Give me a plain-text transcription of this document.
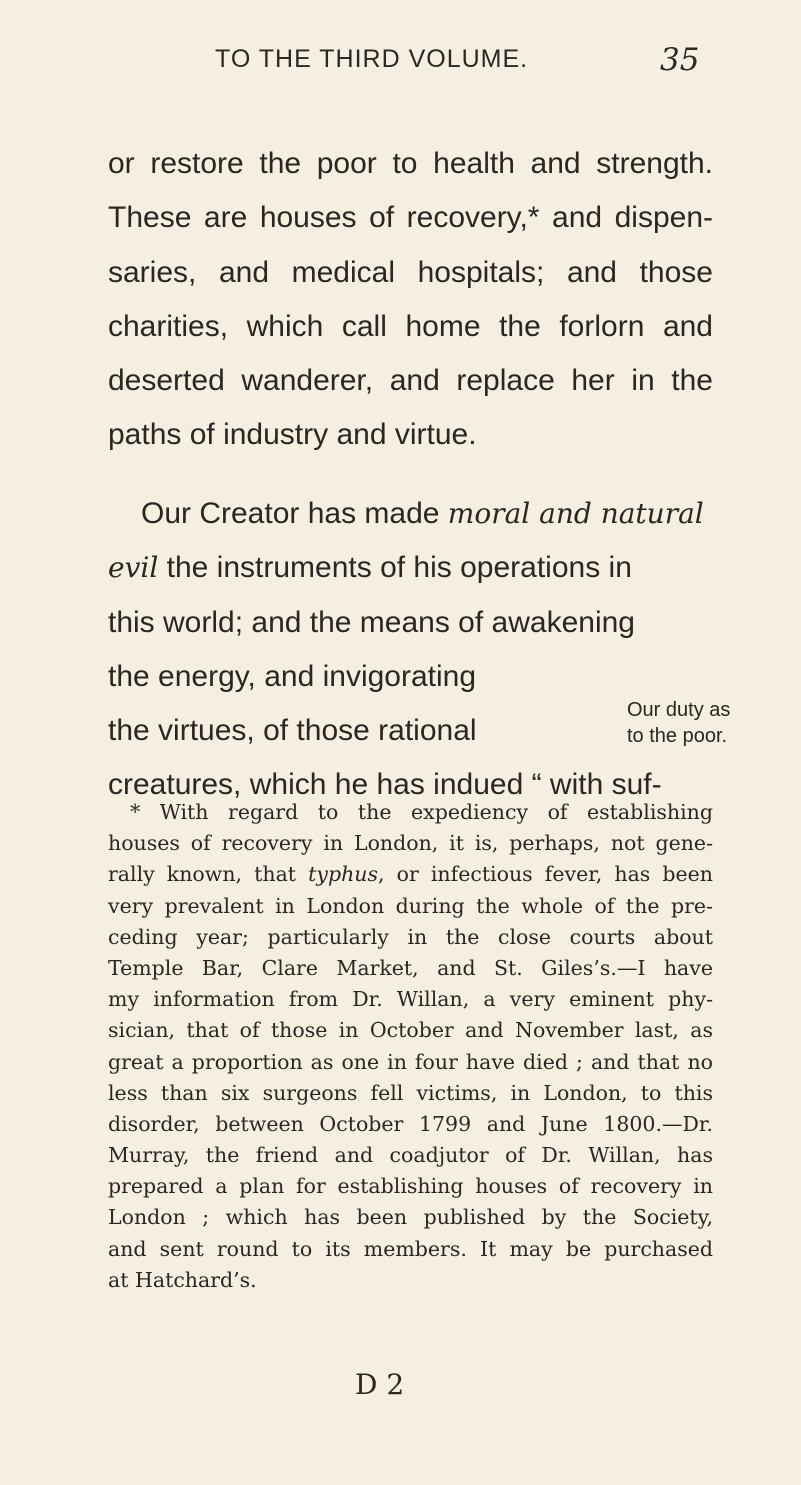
TO THE THIRD VOLUME.	35
or restore the poor to health and strength.
These are houses of recovery,* and dispen-
saries, and medical hospitals; and those
charities, which call home the forlorn and
deserted wanderer, and replace her in the
paths of industry and virtue.
Our Creator has made moral and natural
evil the instruments of his operations in
this world; and the means of awakening
the energy, and invigorating
the virtues, of those rational
creatures, which he has indued “ with suf-
Our duty as
to the poor.
* With regard to the expediency of establishing
houses of recovery in London, it is, perhaps, not gene-
rally known, that typhus, or infectious fever, has been
very prevalent in London during the whole of the pre-
ceding year; particularly in the close courts about
Temple Bar, Clare Market, and St. Giles’s.—I have
my information from Dr. Willan, a very eminent phy-
sician, that of those in October and November last, as
great a proportion as one in four have died ; and that no
less than six surgeons fell victims, in London, to this
disorder, between October 1799 and June 1800.—Dr.
Murray, the friend and coadjutor of Dr. Willan, has
prepared a plan for establishing houses of recovery in
London ; which has been published by the Society,
and sent round to its members. It may be purchased
at Hatchard’s.
D 2
